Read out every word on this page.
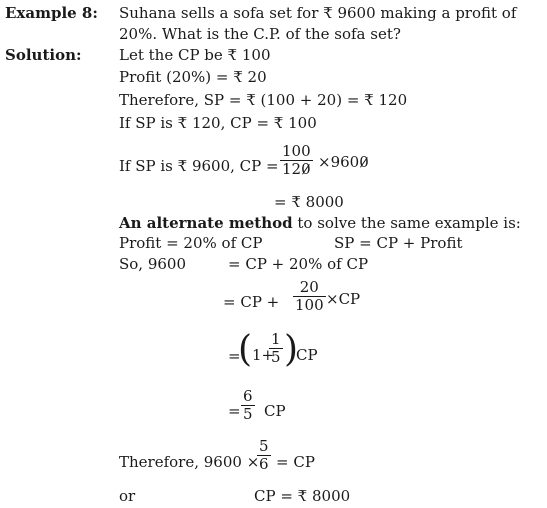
Example 8: Suhana sells a sofa set for ₹ 9600 making a profit of
20%. What is the C.P. of the sofa set?
Solution: Let the CP be ₹ 100
Profit (20%) = ₹ 20
Therefore, SP = ₹ (100 + 20) = ₹ 120
If SP is ₹ 120, CP = ₹ 100
If SP is ₹ 9600, CP =
100
120 ×9600
= ₹ 8000
An alternate method to solve the same example is:
Profit = 20% of CP	SP = CP + Profit
So, 9600	= CP + 20% of CP
= CP +
20
100 ×CP
=
( 1+
1
5 )
CP
=
6
5 CP
Therefore, 9600 ×
5
6 = CP
or	CP = ₹ 8000
